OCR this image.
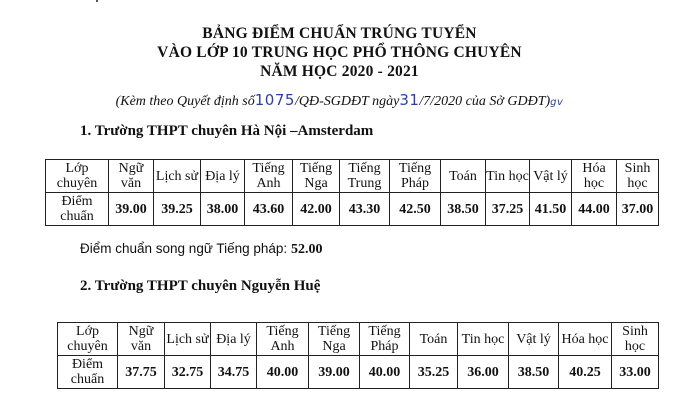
BẢNG ĐIỂM CHUẨN TRÚNG TUYỂN
VÀO LỚP 10 TRUNG HỌC PHỔ THÔNG CHUYÊN
NĂM HỌC 2020 - 2021
(Kèm theo Quyết định số1075/QĐ-SGDĐT ngày31/7/2020 của Sở GDĐT)gv
1. Trường THPT chuyên Hà Nội –Amsterdam
Lớp chuyên	Ngữ văn	Lịch sử	Địa lý	Tiếng Anh	Tiếng Nga	Tiếng Trung	Tiếng Pháp	Toán	Tin học	Vật lý	Hóa học	Sinh học
Điểm chuẩn	39.00	39.25	38.00	43.60	42.00	43.30	42.50	38.50	37.25	41.50	44.00	37.00
Điểm chuẩn song ngữ Tiếng pháp: 52.00
2. Trường THPT chuyên Nguyễn Huệ
Lớp chuyên	Ngữ văn	Lịch sử	Địa lý	Tiếng Anh	Tiếng Nga	Tiếng Pháp	Toán	Tin học	Vật lý	Hóa học	Sinh học
Điểm chuẩn	37.75	32.75	34.75	40.00	39.00	40.00	35.25	36.00	38.50	40.25	33.00
